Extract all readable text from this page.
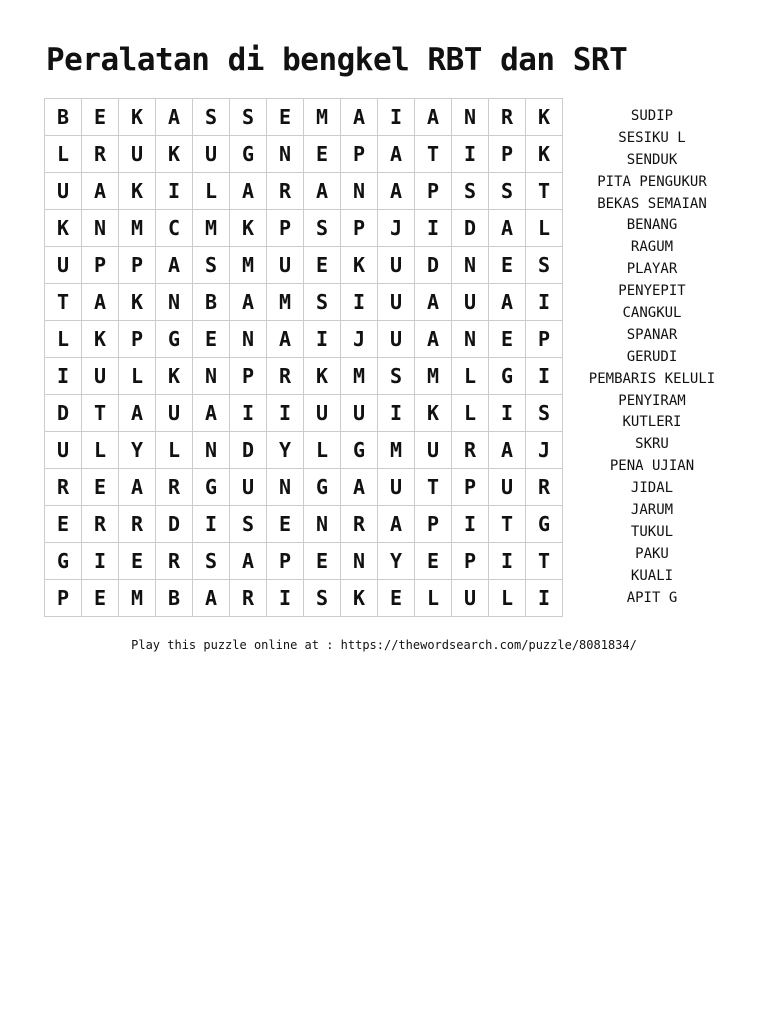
Peralatan di bengkel RBT dan SRT
B	E	K	A	S	S	E	M	A	I	A	N	R	K
L	R	U	K	U	G	N	E	P	A	T	I	P	K
U	A	K	I	L	A	R	A	N	A	P	S	S	T
K	N	M	C	M	K	P	S	P	J	I	D	A	L
U	P	P	A	S	M	U	E	K	U	D	N	E	S
T	A	K	N	B	A	M	S	I	U	A	U	A	I
L	K	P	G	E	N	A	I	J	U	A	N	E	P
I	U	L	K	N	P	R	K	M	S	M	L	G	I
D	T	A	U	A	I	I	U	U	I	K	L	I	S
U	L	Y	L	N	D	Y	L	G	M	U	R	A	J
R	E	A	R	G	U	N	G	A	U	T	P	U	R
E	R	R	D	I	S	E	N	R	A	P	I	T	G
G	I	E	R	S	A	P	E	N	Y	E	P	I	T
P	E	M	B	A	R	I	S	K	E	L	U	L	I
SUDIP
SESIKU L
SENDUK
PITA PENGUKUR
BEKAS SEMAIAN
BENANG
RAGUM
PLAYAR
PENYEPIT
CANGKUL
SPANAR
GERUDI
PEMBARIS KELULI
PENYIRAM
KUTLERI
SKRU
PENA UJIAN
JIDAL
JARUM
TUKUL
PAKU
KUALI
APIT G
Play this puzzle online at : https://thewordsearch.com/puzzle/8081834/
